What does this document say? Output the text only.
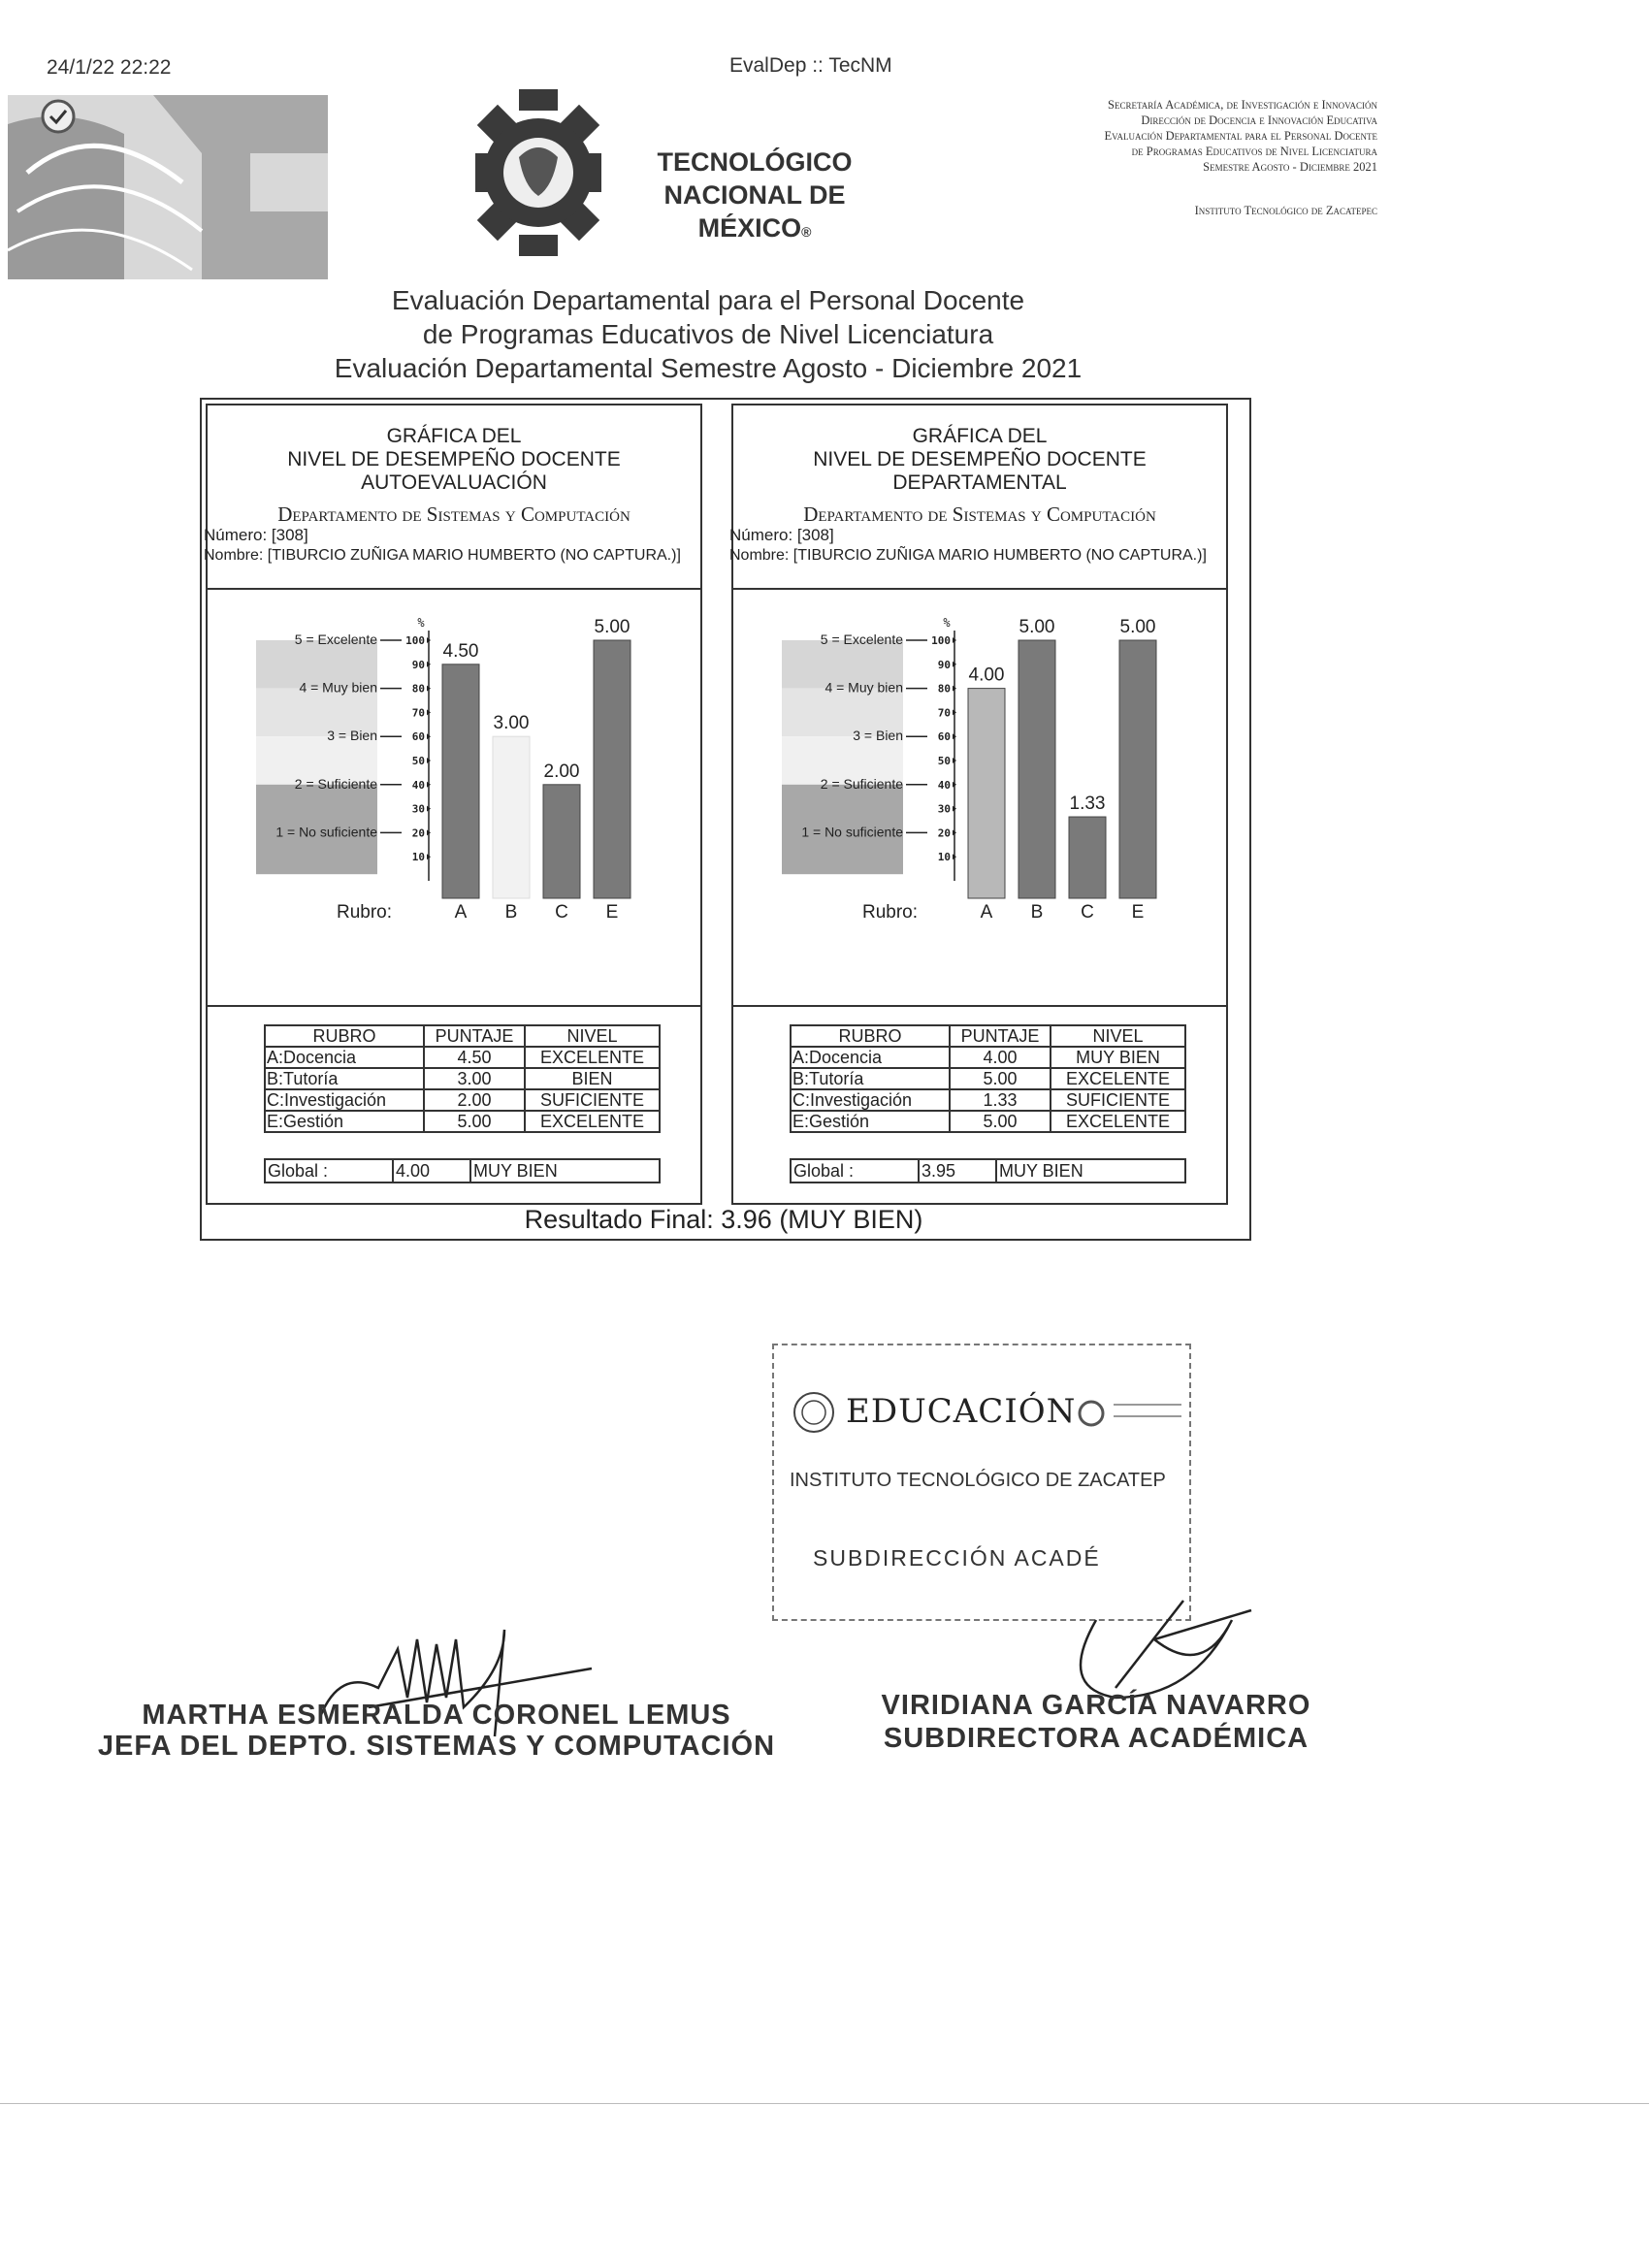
24/1/22 22:22	EvalDep :: TecNM
TECNOLÓGICO
NACIONAL DE MÉXICO®
Secretaría Académica, de Investigación e Innovación
Dirección de Docencia e Innovación Educativa
Evaluación Departamental para el Personal Docente
de Programas Educativos de Nivel Licenciatura
Semestre Agosto - Diciembre 2021
Instituto Tecnológico de Zacatepec
Evaluación Departamental para el Personal Docente
de Programas Educativos de Nivel Licenciatura
Evaluación Departamental Semestre Agosto - Diciembre 2021
GRÁFICA DEL
NIVEL DE DESEMPEÑO DOCENTE
AUTOEVALUACIÓN
Departamento de Sistemas y Computación
Número: [308]
Nombre: [TIBURCIO ZUÑIGA MARIO HUMBERTO (NO CAPTURA.)]
5 = Excelente
4 = Muy bien
3 = Bien
2 = Suficiente
1 = No suficiente
%
100
90
80
70
60
50
40
30
20
10
4.50
A
3.00
B
2.00
C
5.00
E
Rubro:
RUBRO	PUNTAJE	NIVEL
A:Docencia	4.50	EXCELENTE
B:Tutoría	3.00	BIEN
C:Investigación	2.00	SUFICIENTE
E:Gestión	5.00	EXCELENTE
Global :	4.00 MUY BIEN
GRÁFICA DEL
NIVEL DE DESEMPEÑO DOCENTE
DEPARTAMENTAL
Departamento de Sistemas y Computación
Número: [308]
Nombre: [TIBURCIO ZUÑIGA MARIO HUMBERTO (NO CAPTURA.)]
5 = Excelente
4 = Muy bien
3 = Bien
2 = Suficiente
1 = No suficiente
%
100
90
80
70
60
50
40
30
20
10
4.00
A
5.00
B
1.33
C
5.00
E
Rubro:
RUBRO	PUNTAJE	NIVEL
A:Docencia	4.00	MUY BIEN
B:Tutoría	5.00	EXCELENTE
C:Investigación	1.33	SUFICIENTE
E:Gestión	5.00	EXCELENTE
Global :	3.95 MUY BIEN
Resultado Final: 3.96 (MUY BIEN)
EDUCACIÓN
INSTITUTO TECNOLÓGICO DE ZACATEP
SUBDIRECCIÓN ACADÉ
MARTHA ESMERALDA CORONEL LEMUS
JEFA DEL DEPTO. SISTEMAS Y COMPUTACIÓN
VIRIDIANA GARCÍA NAVARRO
SUBDIRECTORA ACADÉMICA
